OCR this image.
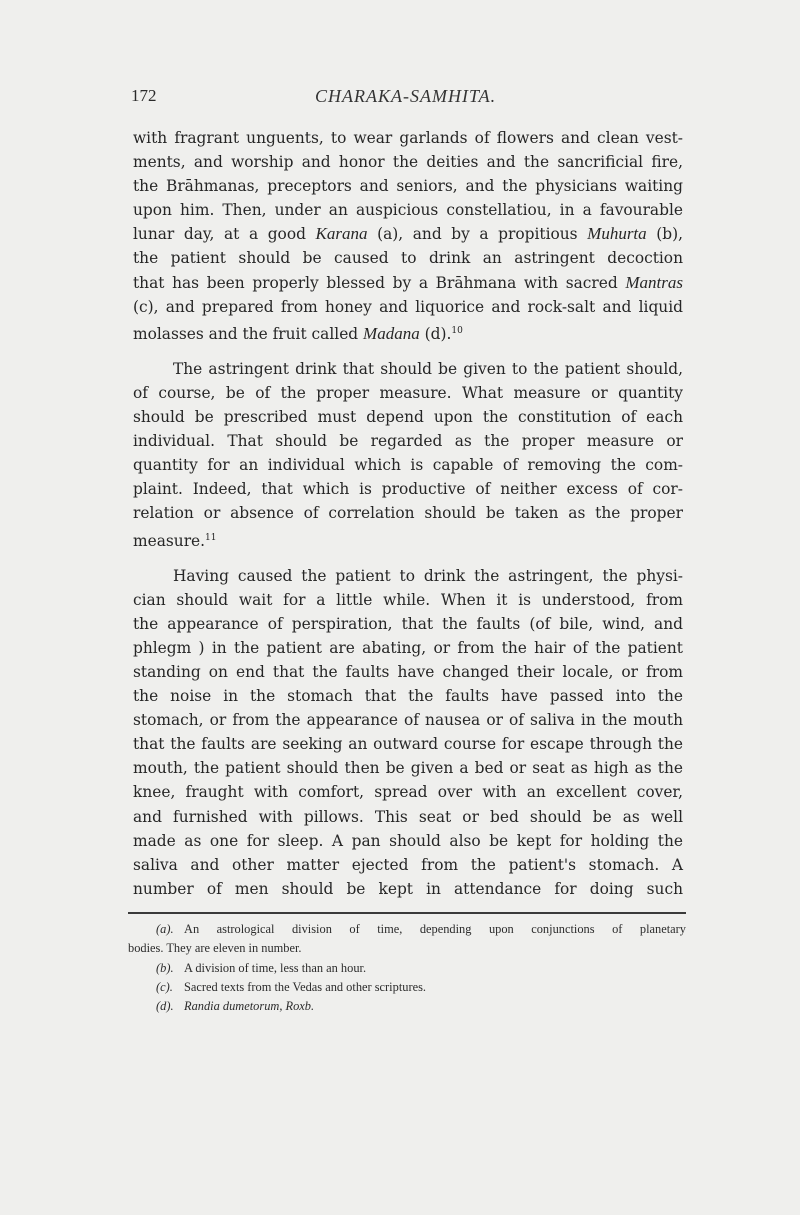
172	CHARAKA-SAMHITA.
with fragrant unguents, to wear garlands of flowers and clean vest-
ments, and worship and honor the deities and the sancrificial fire,
the Brāhmanas, preceptors and seniors, and the physicians waiting
upon him. Then, under an auspicious constellatiou, in a favourable
lunar day, at a good Karana (a), and by a propitious Muhurta (b),
the patient should be caused to drink an astringent decoction
that has been properly blessed by a Brāhmana with sacred Mantras
(c), and prepared from honey and liquorice and rock-salt and liquid
molasses and the fruit called Madana (d).$^{10}$
The astringent drink that should be given to the patient should,
of course, be of the proper measure. What measure or quantity
should be prescribed must depend upon the constitution of each
individual. That should be regarded as the proper measure or
quantity for an individual which is capable of removing the com-
plaint. Indeed, that which is productive of neither excess of cor-
relation or absence of correlation should be taken as the proper
measure.$^{11}$
Having caused the patient to drink the astringent, the physi-
cian should wait for a little while. When it is understood, from
the appearance of perspiration, that the faults (of bile, wind, and
phlegm ) in the patient are abating, or from the hair of the patient
standing on end that the faults have changed their locale, or from
the noise in the stomach that the faults have passed into the
stomach, or from the appearance of nausea or of saliva in the mouth
that the faults are seeking an outward course for escape through the
mouth, the patient should then be given a bed or seat as high as the
knee, fraught with comfort, spread over with an excellent cover,
and furnished with pillows. This seat or bed should be as well
made as one for sleep. A pan should also be kept for holding the
saliva and other matter ejected from the patient's stomach. A
number of men should be kept in attendance for doing such
(a). An astrological division of time, depending upon conjunctions of planetary
bodies. They are eleven in number.
(b). A division of time, less than an hour.
(c). Sacred texts from the Vedas and other scriptures.
(d). Randia dumetorum, Roxb.
